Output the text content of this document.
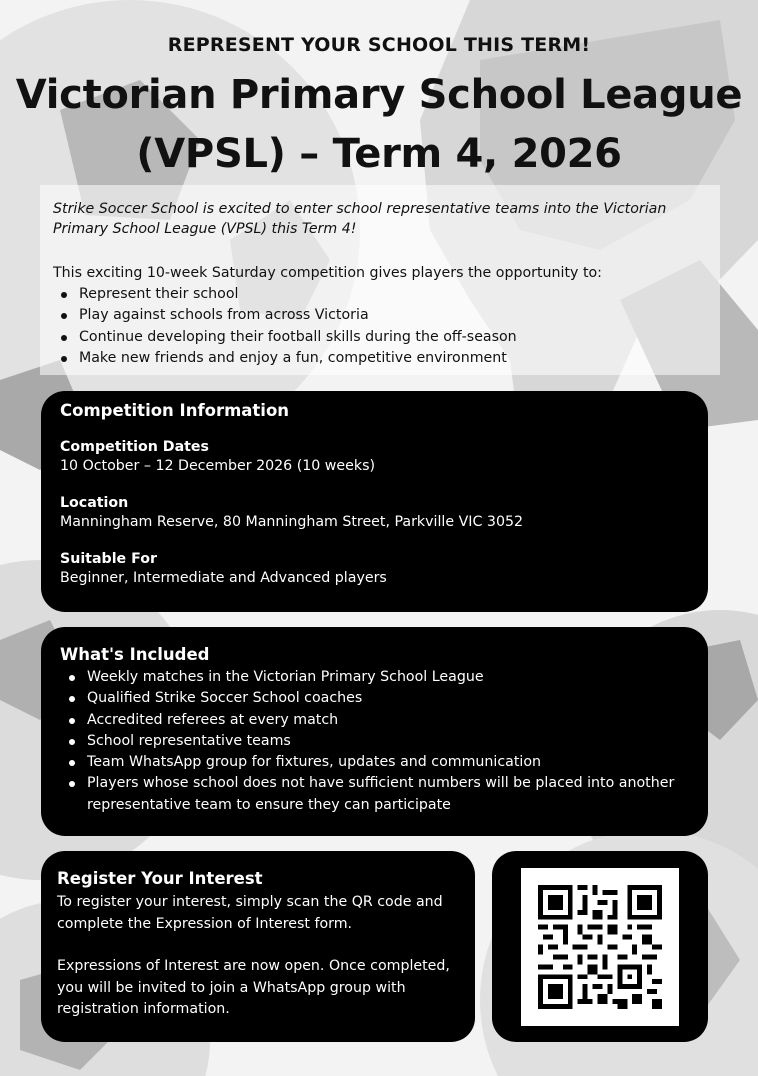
REPRESENT YOUR SCHOOL THIS TERM!
Victorian Primary School League
(VPSL) – Term 4, 2026
Strike Soccer School is excited to enter school representative teams into the Victorian
Primary School League (VPSL) this Term 4!
This exciting 10-week Saturday competition gives players the opportunity to:
Represent their school
Play against schools from across Victoria
Continue developing their football skills during the off-season
Make new friends and enjoy a fun, competitive environment
Competition Information
Competition Dates
10 October – 12 December 2026 (10 weeks)
Location
Manningham Reserve, 80 Manningham Street, Parkville VIC 3052
Suitable For
Beginner, Intermediate and Advanced players
What's Included
Weekly matches in the Victorian Primary School League
Qualified Strike Soccer School coaches
Accredited referees at every match
School representative teams
Team WhatsApp group for fixtures, updates and communication
Players whose school does not have sufficient numbers will be placed into another representative team to ensure they can participate
Register Your Interest

To register your interest, simply scan the QR code and complete the Expression of Interest form.

Expressions of Interest are now open. Once completed, you will be invited to join a WhatsApp group with registration information.
